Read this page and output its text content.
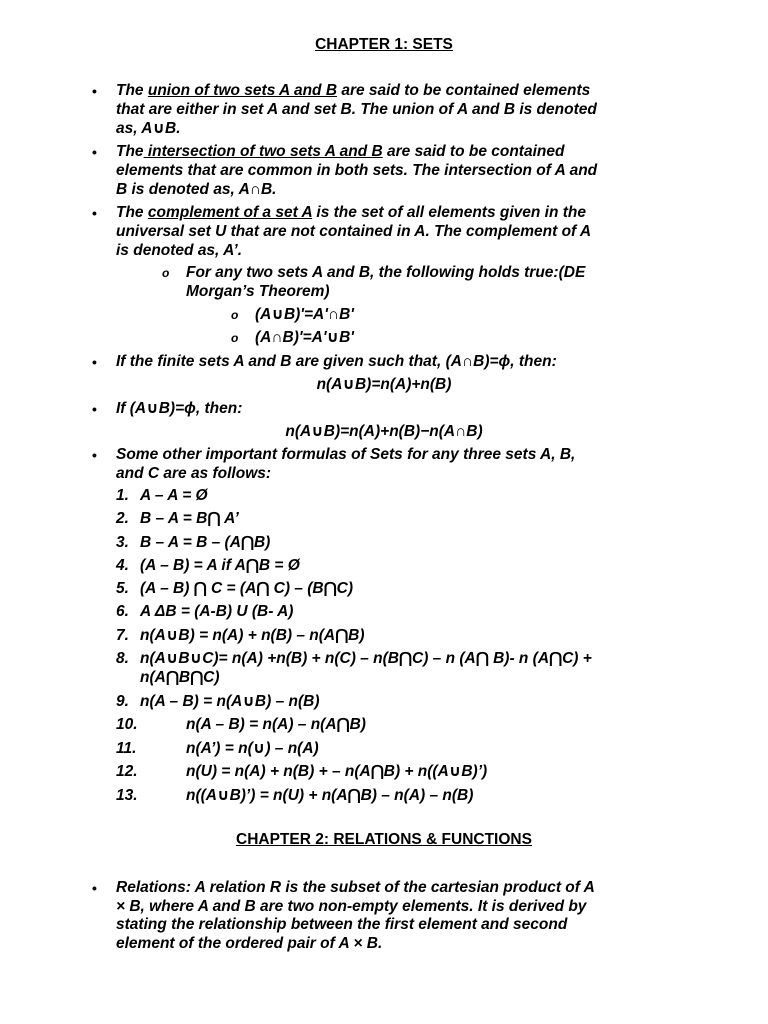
CHAPTER 1: SETS
• The union of two sets A and B are said to be contained elements
that are either in set A and set B. The union of A and B is denoted
as, A∪B.
• The intersection of two sets A and B are said to be contained
elements that are common in both sets. The intersection of A and
B is denoted as, A∩B.
• The complement of a set A is the set of all elements given in the
universal set U that are not contained in A. The complement of A
is denoted as, A’.
o For any two sets A and B, the following holds true:(DE
Morgan’s Theorem)
o (A∪B)'=A'∩B'
o (A∩B)'=A'∪B'
• If the finite sets A and B are given such that, (A∩B)=ϕ, then:
n(A∪B)=n(A)+n(B)
• If (A∪B)=ϕ, then:
n(A∪B)=n(A)+n(B)−n(A∩B)
• Some other important formulas of Sets for any three sets A, B,
and C are as follows:
1. A – A = Ø
2. B – A = B⋂ A’
3. B – A = B – (A⋂B)
4. (A – B) = A if A⋂B = Ø
5. (A – B) ⋂ C = (A⋂ C) – (B⋂C)
6. A ΔB = (A-B) U (B- A)
7. n(A∪B) = n(A) + n(B) – n(A⋂B)
8. n(A∪B∪C)= n(A) +n(B) + n(C) – n(B⋂C) – n (A⋂ B)- n (A⋂C) +
n(A⋂B⋂C)
9. n(A – B) = n(A∪B) – n(B)
10.	n(A – B) = n(A) – n(A⋂B)
11.	n(A’) = n(∪) – n(A)
12.	n(U) = n(A) + n(B) + – n(A⋂B) + n((A∪B)’)
13.	n((A∪B)’) = n(U) + n(A⋂B) – n(A) – n(B)
CHAPTER 2: RELATIONS & FUNCTIONS
• Relations: A relation R is the subset of the cartesian product of A
× B, where A and B are two non-empty elements. It is derived by
stating the relationship between the first element and second
element of the ordered pair of A × B.
